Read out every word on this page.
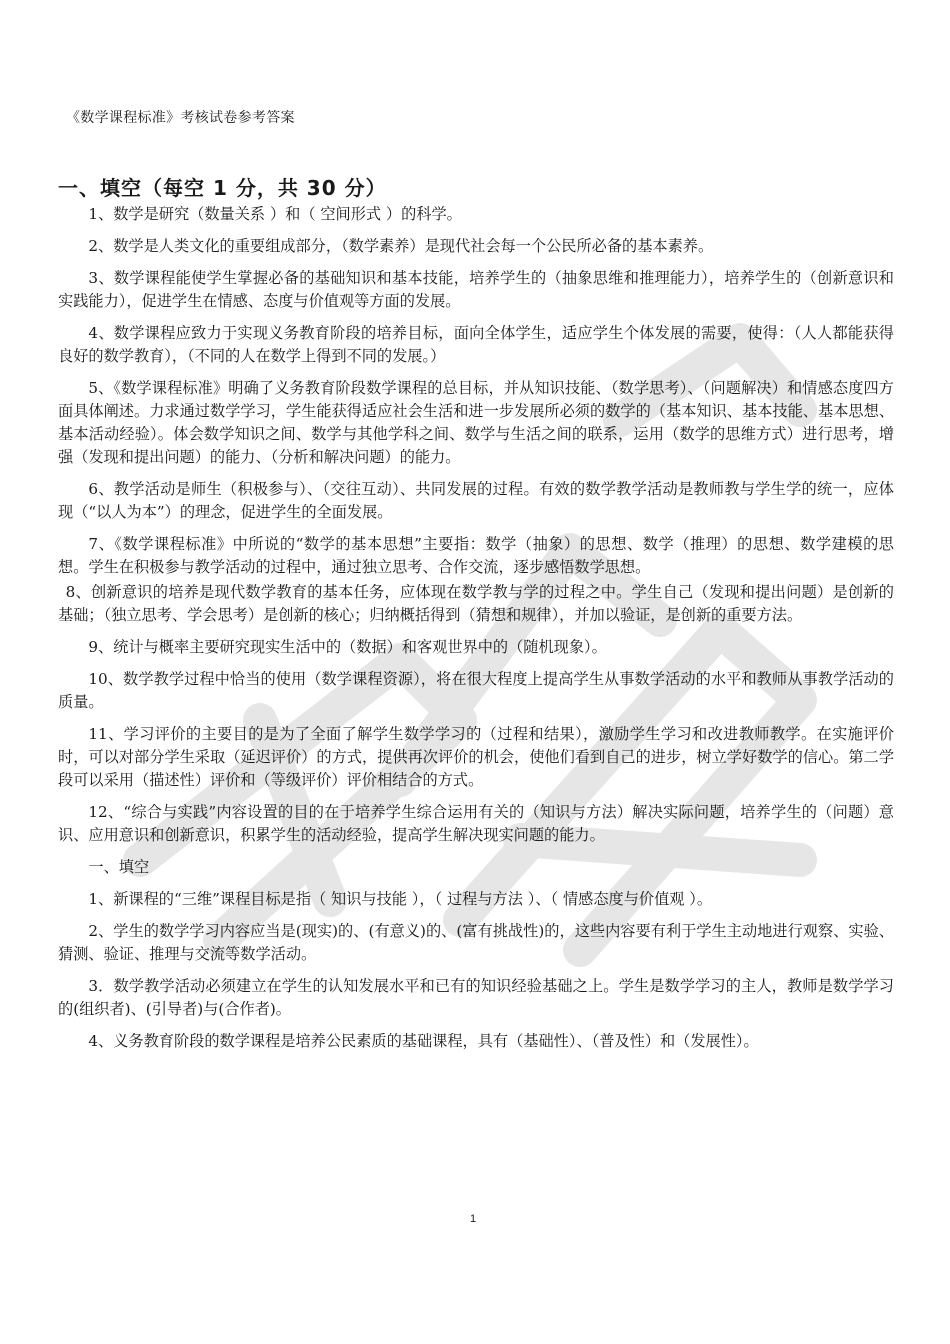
《数学课程标准》考核试卷参考答案
一、填空（每空 1 分，共 30 分）

1、数学是研究（数量关系 ）和（ 空间形式 ）的科学。

2、数学是人类文化的重要组成部分，（数学素养）是现代社会每一个公民所必备的基本素养。

3、数学课程能使学生掌握必备的基础知识和基本技能，培养学生的（抽象思维和推理能力），培养学生的（创新意识和实践能力），促进学生在情感、态度与价值观等方面的发展。

4、数学课程应致力于实现义务教育阶段的培养目标，面向全体学生，适应学生个体发展的需要，使得：（人人都能获得良好的数学教育），（不同的人在数学上得到不同的发展。）

5、《数学课程标准》明确了义务教育阶段数学课程的总目标，并从知识技能、（数学思考）、（问题解决）和情感态度四方面具体阐述。力求通过数学学习，学生能获得适应社会生活和进一步发展所必须的数学的（基本知识、基本技能、基本思想、基本活动经验）。体会数学知识之间、数学与其他学科之间、数学与生活之间的联系，运用（数学的思维方式）进行思考，增强（发现和提出问题）的能力、（分析和解决问题）的能力。

6、教学活动是师生（积极参与）、（交往互动）、共同发展的过程。有效的数学教学活动是教师教与学生学的统一，应体现（“以人为本”）的理念，促进学生的全面发展。

7、《数学课程标准》中所说的“数学的基本思想”主要指：数学（抽象）的思想、数学（推理）的思想、数学建模的思想。学生在积极参与教学活动的过程中，通过独立思考、合作交流，逐步感悟数学思想。

8、创新意识的培养是现代数学教育的基本任务，应体现在数学教与学的过程之中。学生自己（发现和提出问题）是创新的基础；（独立思考、学会思考）是创新的核心；归纳概括得到（猜想和规律），并加以验证，是创新的重要方法。

9、统计与概率主要研究现实生活中的（数据）和客观世界中的（随机现象）。

10、数学教学过程中恰当的使用（数学课程资源），将在很大程度上提高学生从事数学活动的水平和教师从事教学活动的质量。

11、学习评价的主要目的是为了全面了解学生数学学习的（过程和结果），激励学生学习和改进教师教学。在实施评价时，可以对部分学生采取（延迟评价）的方式，提供再次评价的机会，使他们看到自己的进步，树立学好数学的信心。第二学段可以采用（描述性）评价和（等级评价）评价相结合的方式。

12、“综合与实践”内容设置的目的在于培养学生综合运用有关的（知识与方法）解决实际问题，培养学生的（问题）意识、应用意识和创新意识，积累学生的活动经验，提高学生解决现实问题的能力。

一、填空

1、新课程的“三维”课程目标是指（ 知识与技能 ），（ 过程与方法 ）、（ 情感态度与价值观 ）。

2、学生的数学学习内容应当是(现实)的、(有意义)的、(富有挑战性)的，这些内容要有利于学生主动地进行观察、实验、猜测、验证、推理与交流等数学活动。

3．数学教学活动必须建立在学生的认知发展水平和已有的知识经验基础之上。学生是数学学习的主人，教师是数学学习的(组织者)、(引导者)与(合作者)。

4、义务教育阶段的数学课程是培养公民素质的基础课程，具有（基础性）、（普及性）和（发展性）。

1
